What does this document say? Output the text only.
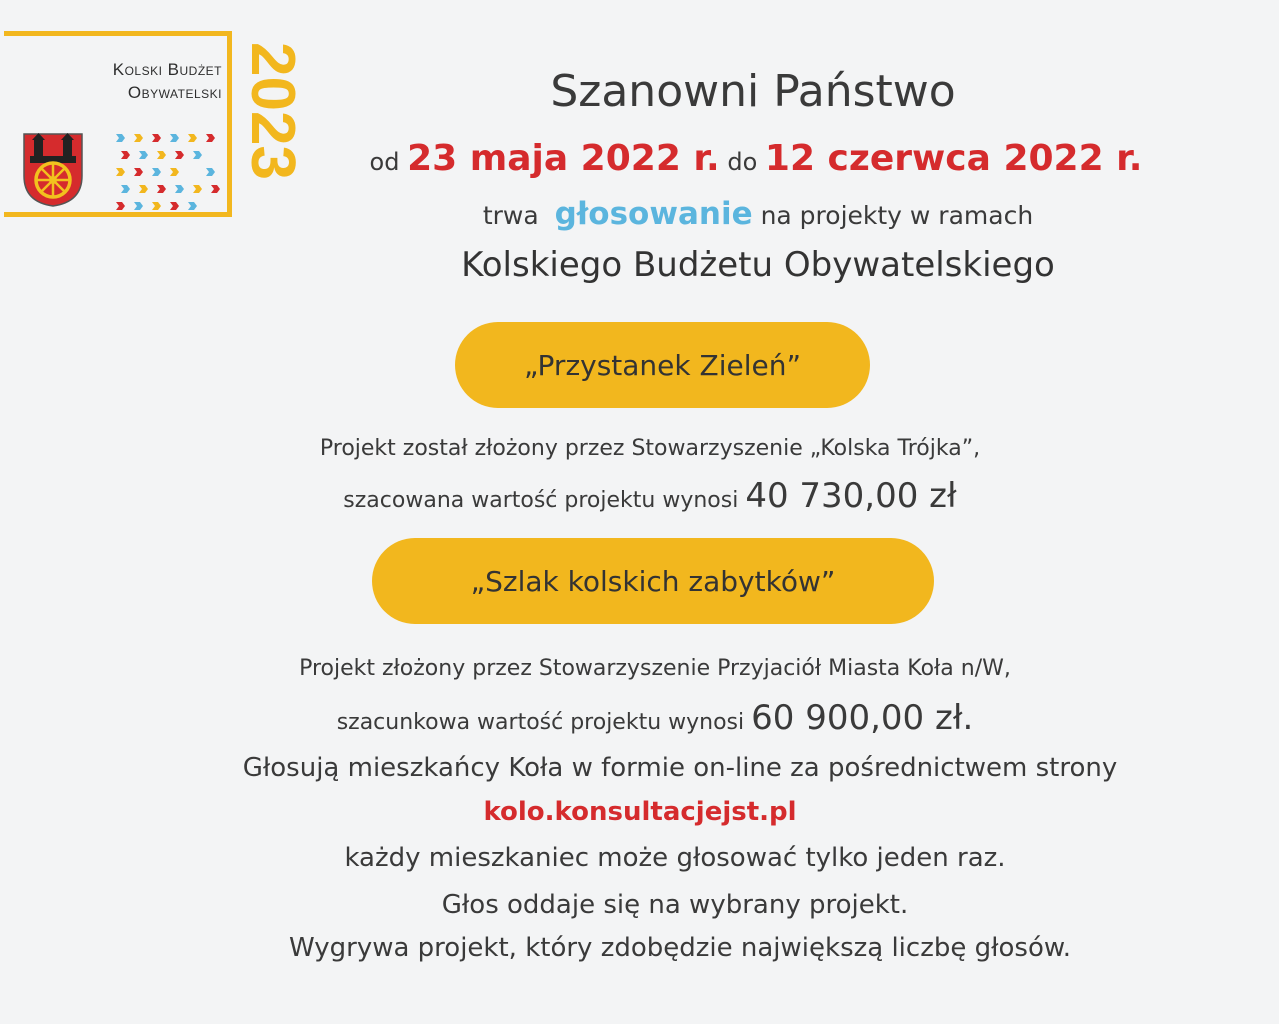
Kolski Budżet
Obywatelski 2023	Szanowni Państwo
od 23 maja 2022 r. do 12 czerwca 2022 r.
trwa głosowanie na projekty w ramach
Kolskiego Budżetu Obywatelskiego
„Przystanek Zieleń”
Projekt został złożony przez Stowarzyszenie „Kolska Trójka”,
szacowana wartość projektu wynosi 40 730,00 zł
„Szlak kolskich zabytków”
Projekt złożony przez Stowarzyszenie Przyjaciół Miasta Koła n/W,
szacunkowa wartość projektu wynosi 60 900,00 zł.
Głosują mieszkańcy Koła w formie on-line za pośrednictwem strony
kolo.konsultacjejst.pl
każdy mieszkaniec może głosować tylko jeden raz.
Głos oddaje się na wybrany projekt.
Wygrywa projekt, który zdobędzie największą liczbę głosów.
